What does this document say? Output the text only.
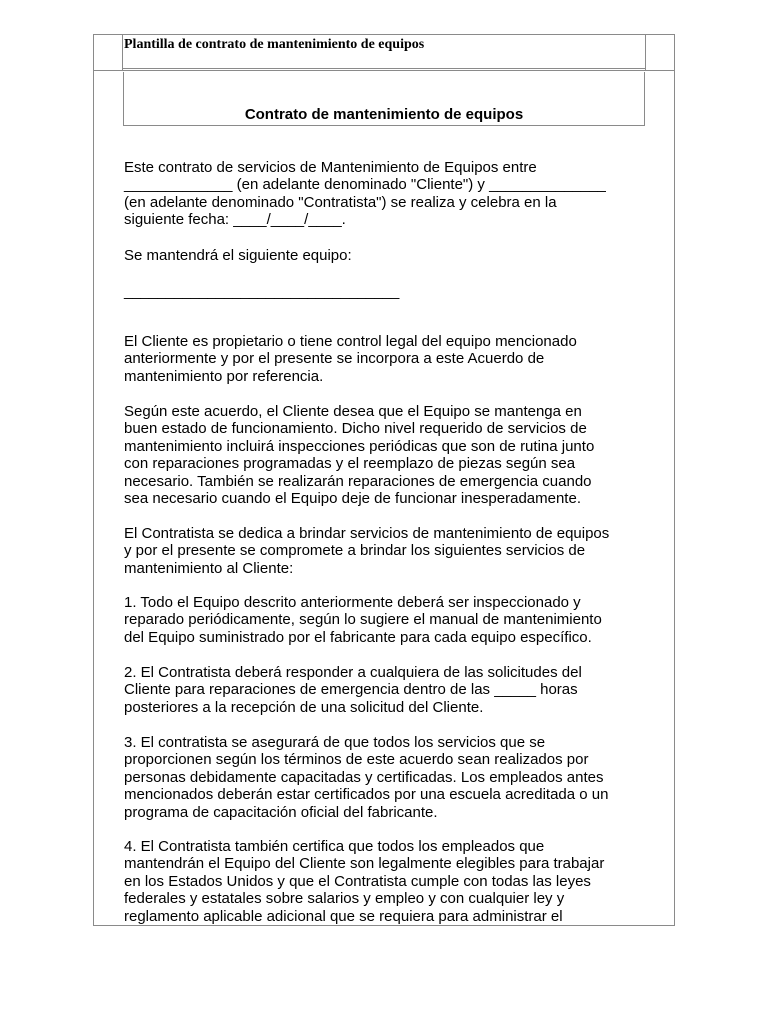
Plantilla de contrato de mantenimiento de equipos
Contrato de mantenimiento de equipos
Este contrato de servicios de Mantenimiento de Equipos entre
_____________ (en adelante denominado "Cliente") y ______________
(en adelante denominado "Contratista") se realiza y celebra en la
siguiente fecha: ____/____/____.
Se mantendrá el siguiente equipo:
_________________________________
El Cliente es propietario o tiene control legal del equipo mencionado
anteriormente y por el presente se incorpora a este Acuerdo de
mantenimiento por referencia.
Según este acuerdo, el Cliente desea que el Equipo se mantenga en
buen estado de funcionamiento. Dicho nivel requerido de servicios de
mantenimiento incluirá inspecciones periódicas que son de rutina junto
con reparaciones programadas y el reemplazo de piezas según sea
necesario. También se realizarán reparaciones de emergencia cuando
sea necesario cuando el Equipo deje de funcionar inesperadamente.
El Contratista se dedica a brindar servicios de mantenimiento de equipos
y por el presente se compromete a brindar los siguientes servicios de
mantenimiento al Cliente:
1. Todo el Equipo descrito anteriormente deberá ser inspeccionado y
reparado periódicamente, según lo sugiere el manual de mantenimiento
del Equipo suministrado por el fabricante para cada equipo específico.
2. El Contratista deberá responder a cualquiera de las solicitudes del
Cliente para reparaciones de emergencia dentro de las _____ horas
posteriores a la recepción de una solicitud del Cliente.
3. El contratista se asegurará de que todos los servicios que se
proporcionen según los términos de este acuerdo sean realizados por
personas debidamente capacitadas y certificadas. Los empleados antes
mencionados deberán estar certificados por una escuela acreditada o un
programa de capacitación oficial del fabricante.
4. El Contratista también certifica que todos los empleados que
mantendrán el Equipo del Cliente son legalmente elegibles para trabajar
en los Estados Unidos y que el Contratista cumple con todas las leyes
federales y estatales sobre salarios y empleo y con cualquier ley y
reglamento aplicable adicional que se requiera para administrar el
